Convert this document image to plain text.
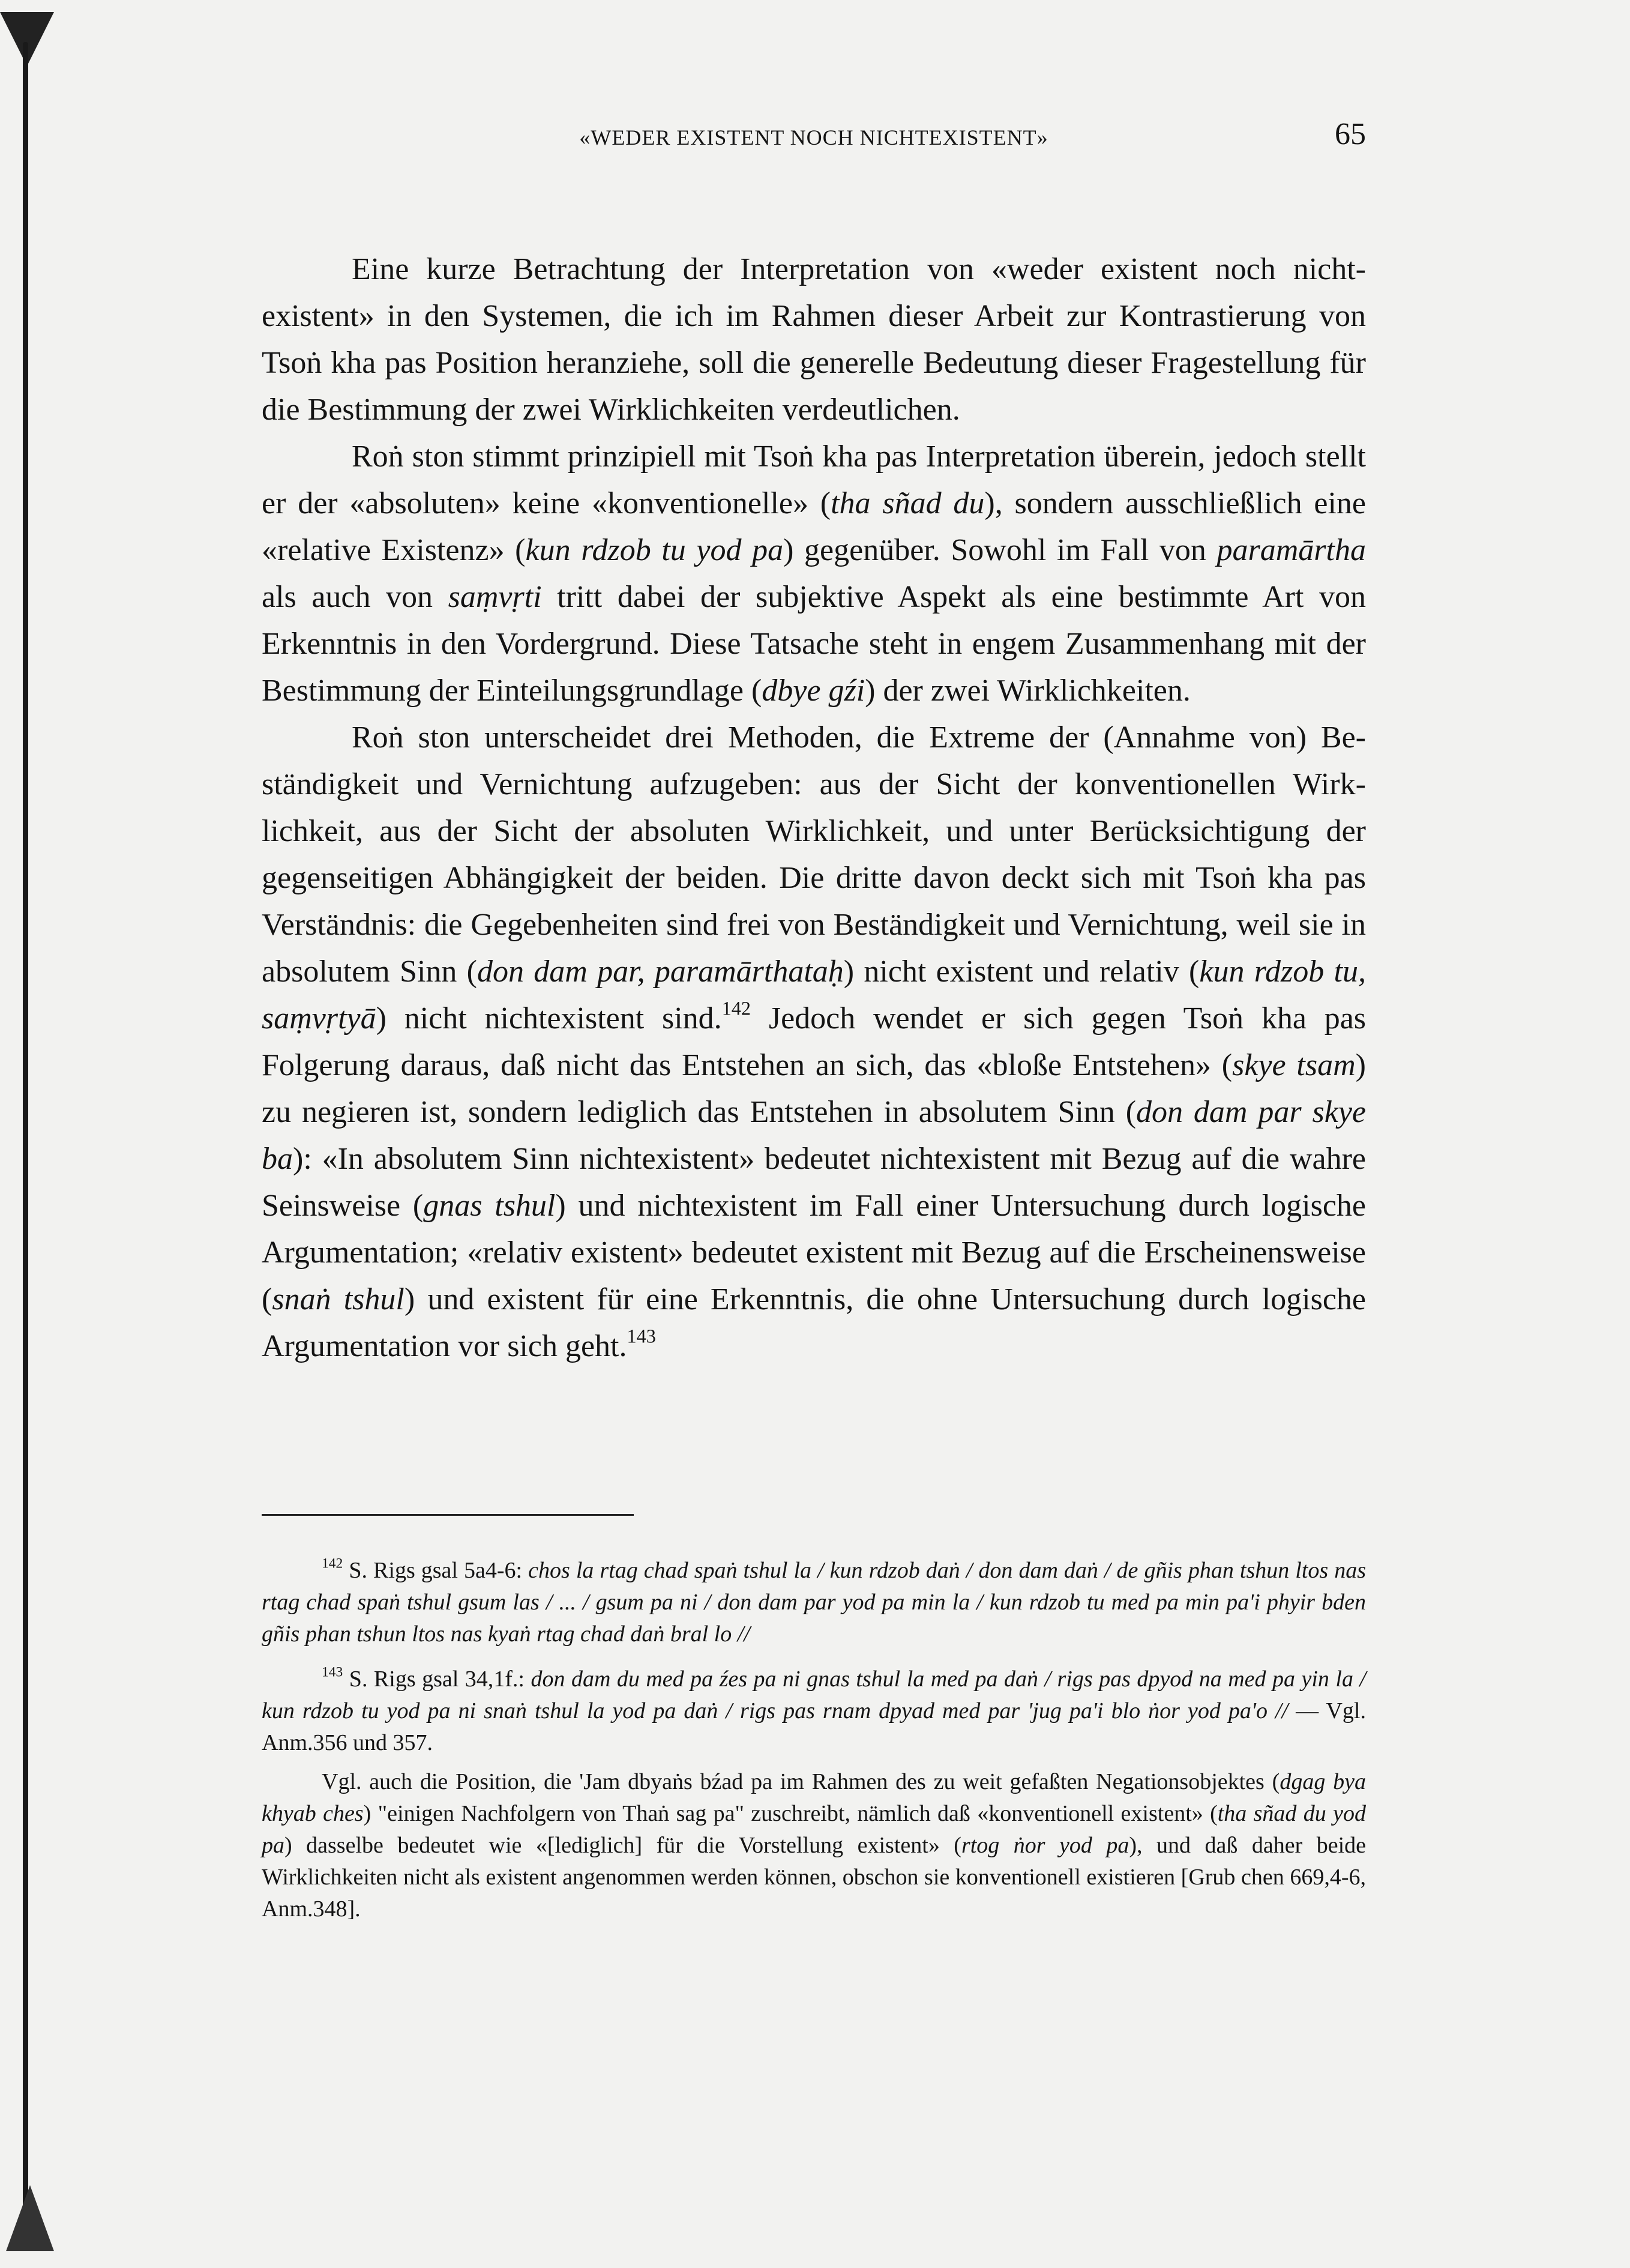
«WEDER EXISTENT NOCH NICHTEXISTENT»	65

Eine kurze Betrachtung der Interpretation von «weder existent noch nichtexistent» in den Systemen, die ich im Rahmen dieser Arbeit zur Kontrastierung von Tsoṅ kha pas Position heranziehe, soll die generelle Bedeutung dieser Fragestellung für die Bestimmung der zwei Wirklichkeiten verdeutlichen.

Roṅ ston stimmt prinzipiell mit Tsoṅ kha pas Interpretation überein, jedoch stellt er der «absoluten» keine «konventionelle» (tha sñad du), sondern ausschließlich eine «relative Existenz» (kun rdzob tu yod pa) gegenüber. Sowohl im Fall von paramārtha als auch von saṃvṛti tritt dabei der subjektive Aspekt als eine bestimmte Art von Erkenntnis in den Vordergrund. Diese Tatsache steht in engem Zusammenhang mit der Bestimmung der Einteilungsgrundlage (dbye gźi) der zwei Wirklichkeiten.

Roṅ ston unterscheidet drei Methoden, die Extreme der (Annahme von) Beständigkeit und Vernichtung aufzugeben: aus der Sicht der konventionellen Wirklichkeit, aus der Sicht der absoluten Wirklichkeit, und unter Berücksichtigung der gegenseitigen Abhängigkeit der beiden. Die dritte davon deckt sich mit Tsoṅ kha pas Verständnis: die Gegebenheiten sind frei von Beständigkeit und Vernichtung, weil sie in absolutem Sinn (don dam par, paramārthataḥ) nicht existent und relativ (kun rdzob tu, saṃvṛtyā) nicht nichtexistent sind.$^{142}$ Jedoch wendet er sich gegen Tsoṅ kha pas Folgerung daraus, daß nicht das Entstehen an sich, das «bloße Entstehen» (skye tsam) zu negieren ist, sondern lediglich das Entstehen in absolutem Sinn (don dam par skye ba): «In absolutem Sinn nichtexistent» bedeutet nichtexistent mit Bezug auf die wahre Seinsweise (gnas tshul) und nichtexistent im Fall einer Untersuchung durch logische Argumentation; «relativ existent» bedeutet existent mit Bezug auf die Erscheinensweise (snaṅ tshul) und existent für eine Erkenntnis, die ohne Untersuchung durch logische Argumentation vor sich geht.$^{143}$

$^{142}$ S. Rigs gsal 5a4-6: chos la rtag chad spaṅ tshul la / kun rdzob daṅ / don dam daṅ / de gñis phan tshun ltos nas rtag chad spaṅ tshul gsum las / ... / gsum pa ni / don dam par yod pa min la / kun rdzob tu med pa min pa'i phyir bden gñis phan tshun ltos nas kyaṅ rtag chad daṅ bral lo //

$^{143}$ S. Rigs gsal 34,1f.: don dam du med pa źes pa ni gnas tshul la med pa daṅ / rigs pas dpyod na med pa yin la / kun rdzob tu yod pa ni snaṅ tshul la yod pa daṅ / rigs pas rnam dpyad med par 'jug pa'i blo ṅor yod pa'o // — Vgl. Anm.356 und 357.

Vgl. auch die Position, die 'Jam dbyaṅs bźad pa im Rahmen des zu weit gefaßten Negationsobjektes (dgag bya khyab ches) "einigen Nachfolgern von Thaṅ sag pa" zuschreibt, nämlich daß «konventionell existent» (tha sñad du yod pa) dasselbe bedeutet wie «[lediglich] für die Vorstellung existent» (rtog ṅor yod pa), und daß daher beide Wirklichkeiten nicht als existent angenommen werden können, obschon sie konventionell existieren [Grub chen 669,4-6, Anm.348].
